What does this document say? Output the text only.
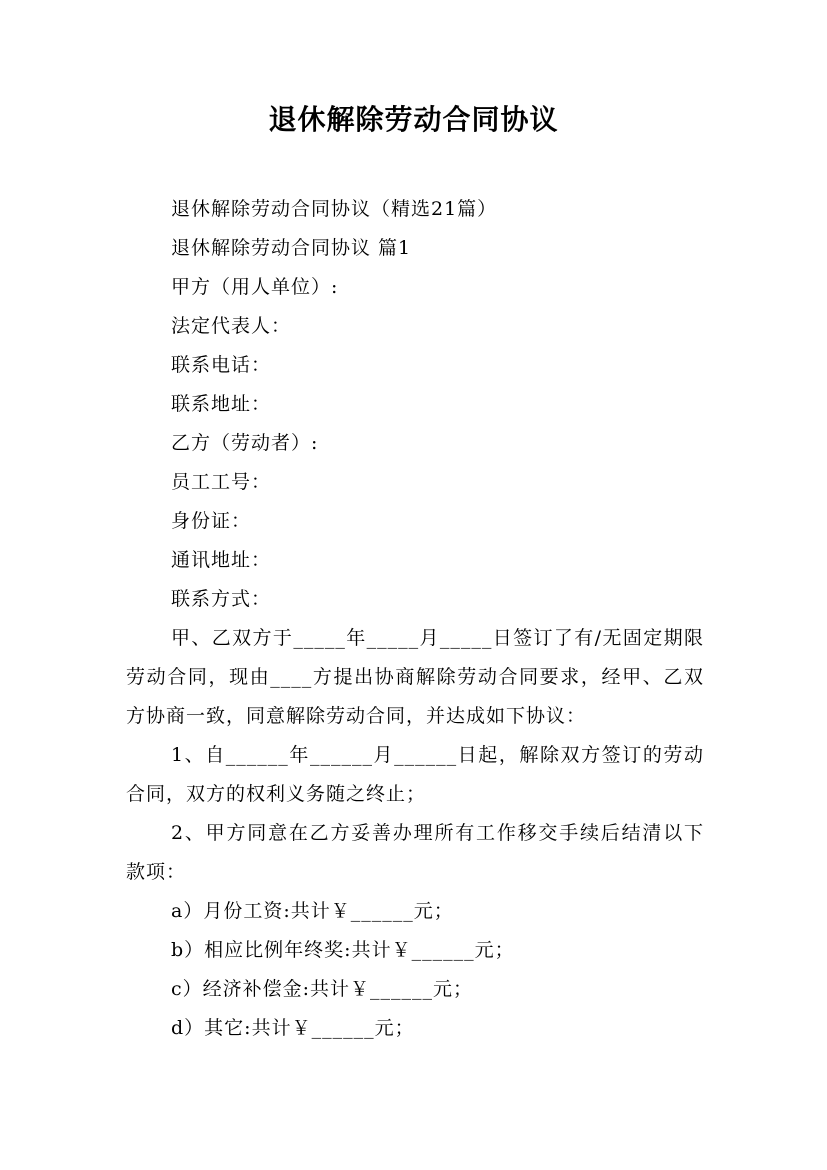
退休解除劳动合同协议
退休解除劳动合同协议（精选21篇）
退休解除劳动合同协议 篇1
甲方（用人单位）:
法定代表人：
联系电话：
联系地址：
乙方（劳动者）:
员工工号：
身份证：
通讯地址：
联系方式：
甲、乙双方于_____年_____月_____日签订了有/无固定期限劳动合同，现由____方提出协商解除劳动合同要求，经甲、乙双方协商一致，同意解除劳动合同，并达成如下协议：
1、自______年______月______日起，解除双方签订的劳动合同，双方的权利义务随之终止；
2、甲方同意在乙方妥善办理所有工作移交手续后结清以下款项：
a）月份工资:共计￥______元；
b）相应比例年终奖:共计￥______元；
c）经济补偿金:共计￥______元；
d）其它:共计￥______元；
